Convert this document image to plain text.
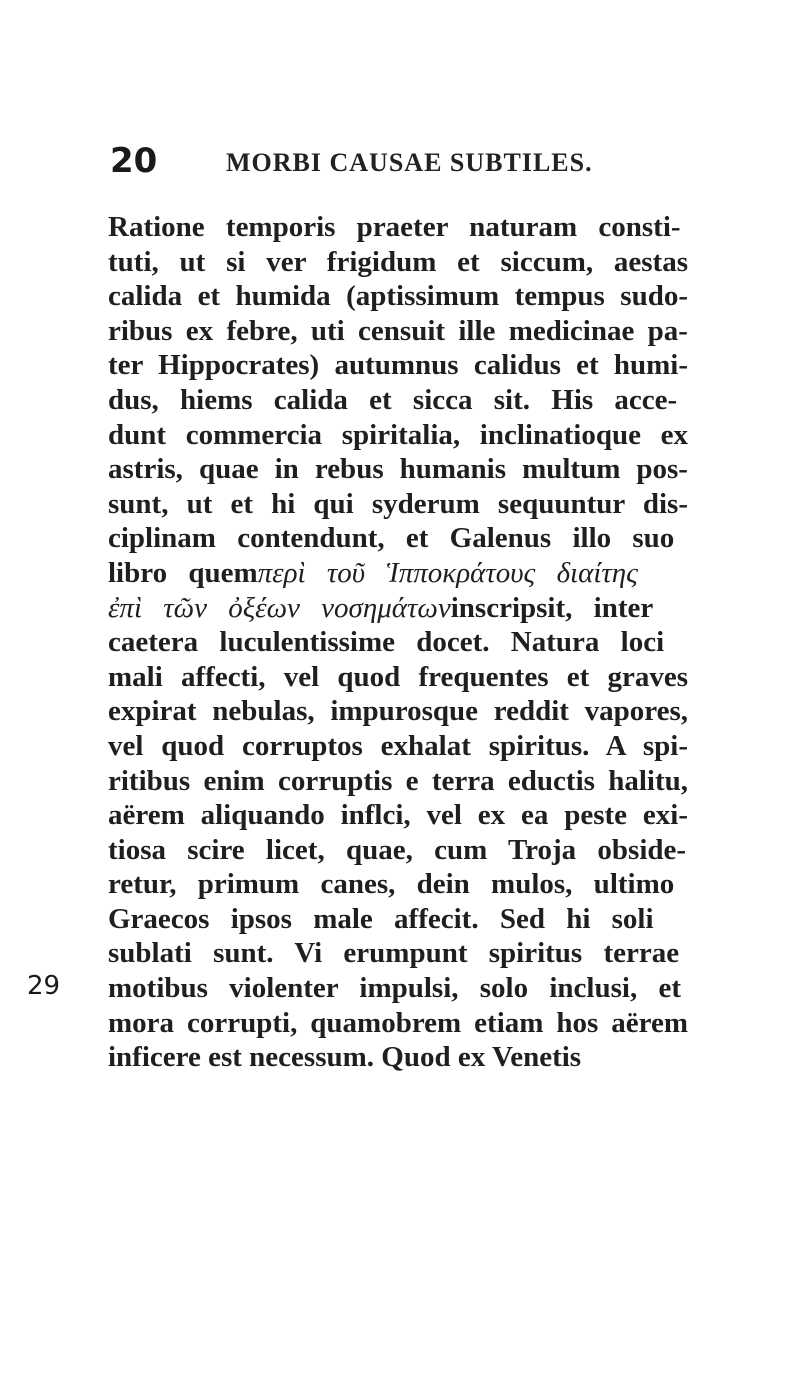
20	MORBI CAUSAE SUBTILES.
29
Ratione temporis praeter naturam consti-
tuti, ut si ver frigidum et siccum, aestas
calida et humida (aptissimum tempus sudo-
ribus ex febre, uti censuit ille medicinae pa-
ter Hippocrates) autumnus calidus et humi-
dus, hiems calida et sicca sit. His acce-
dunt commercia spiritalia, inclinatioque ex
astris, quae in rebus humanis multum pos-
sunt, ut et hi qui syderum sequuntur dis-
ciplinam contendunt, et Galenus illo suo
libro quemπερὶ τοῦ Ἱπποκράτους διαίτης
ἐπὶ τῶν ὀξέων νοσημάτωνinscripsit, inter
caetera luculentissime docet. Natura loci
mali affecti, vel quod frequentes et graves
expirat nebulas, impurosque reddit vapores,
vel quod corruptos exhalat spiritus. A spi-
ritibus enim corruptis e terra eductis halitu,
aërem aliquando inflci, vel ex ea peste exi-
tiosa scire licet, quae, cum Troja obside-
retur, primum canes, dein mulos, ultimo
Graecos ipsos male affecit. Sed hi soli
sublati sunt. Vi erumpunt spiritus terrae
motibus violenter impulsi, solo inclusi, et
mora corrupti, quamobrem etiam hos aërem
inficere est necessum. Quod ex Venetis
